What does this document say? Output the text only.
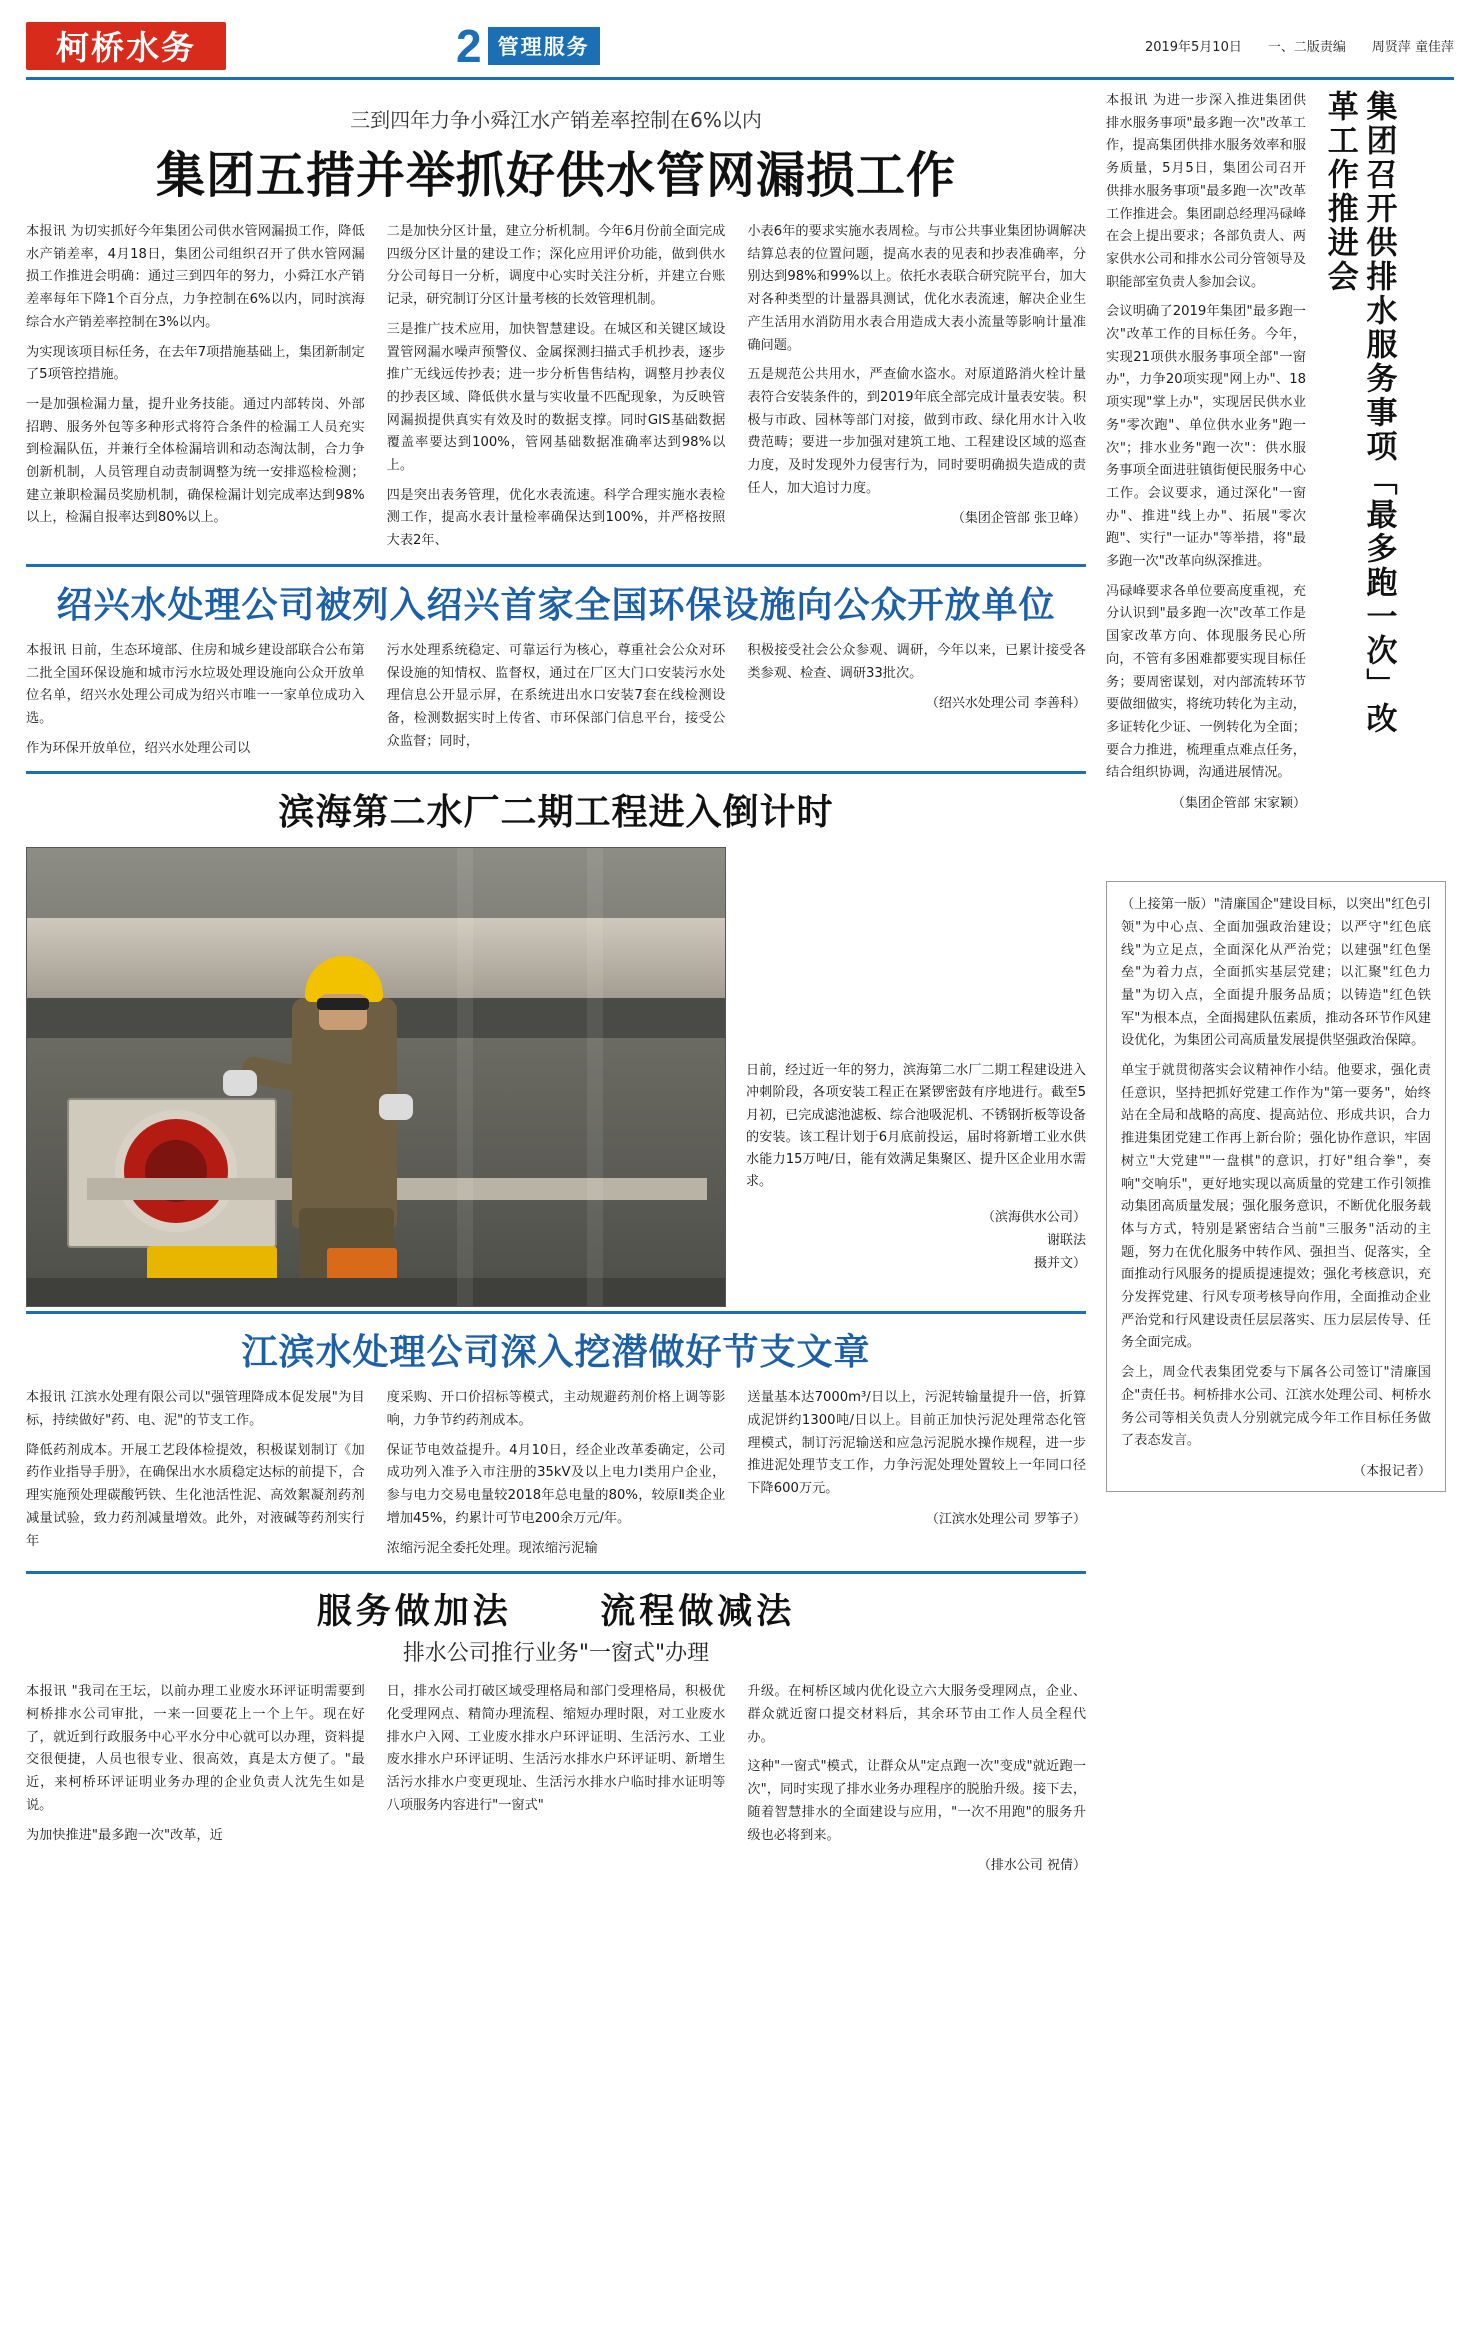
柯桥水务	2 管理服务	2019年5月10日 一、二版责编 周贤萍 童佳萍
三到四年力争小舜江水产销差率控制在6%以内
集团五措并举抓好供水管网漏损工作

本报讯 为切实抓好今年集团公司供水管网漏损工作，降低水产销差率，4月18日，集团公司组织召开了供水管网漏损工作推进会明确：通过三到四年的努力，小舜江水产销差率每年下降1个百分点，力争控制在6%以内，同时滨海综合水产销差率控制在3%以内。

为实现该项目标任务，在去年7项措施基础上，集团新制定了5项管控措施。

一是加强检漏力量，提升业务技能。通过内部转岗、外部招聘、服务外包等多种形式将符合条件的检漏工人员充实到检漏队伍，并兼行全体检漏培训和动态淘汰制，合力争创新机制，人员管理自动责制调整为统一安排巡检检测；建立兼职检漏员奖励机制，确保检漏计划完成率达到98%以上，检漏自报率达到80%以上。

二是加快分区计量，建立分析机制。今年6月份前全面完成四级分区计量的建设工作；深化应用评价功能，做到供水分公司每日一分析，调度中心实时关注分析，并建立台账记录，研究制订分区计量考核的长效管理机制。

三是推广技术应用，加快智慧建设。在城区和关键区域设置管网漏水噪声预警仪、金属探测扫描式手机抄表，逐步推广无线远传抄表；进一步分析售售结构，调整月抄表仪的抄表区域、降低供水量与实收量不匹配现象，为反映管网漏损提供真实有效及时的数据支撑。同时GIS基础数据覆盖率要达到100%，管网基础数据准确率达到98%以上。

四是突出表务管理，优化水表流速。科学合理实施水表检测工作，提高水表计量检率确保达到100%，并严格按照大表2年、

小表6年的要求实施水表周检。与市公共事业集团协调解决结算总表的位置问题，提高水表的见表和抄表准确率，分别达到98%和99%以上。依托水表联合研究院平台，加大对各种类型的计量器具测试，优化水表流速，解决企业生产生活用水消防用水表合用造成大表小流量等影响计量准确问题。

五是规范公共用水，严查偷水盗水。对原道路消火栓计量表符合安装条件的，到2019年底全部完成计量表安装。积极与市政、园林等部门对接，做到市政、绿化用水计入收费范畴；要进一步加强对建筑工地、工程建设区域的巡查力度，及时发现外力侵害行为，同时要明确损失造成的责任人，加大追讨力度。

（集团企管部 张卫峰）
绍兴水处理公司被列入绍兴首家全国环保设施向公众开放单位

本报讯 日前，生态环境部、住房和城乡建设部联合公布第二批全国环保设施和城市污水垃圾处理设施向公众开放单位名单，绍兴水处理公司成为绍兴市唯一一家单位成功入选。

作为环保开放单位，绍兴水处理公司以

污水处理系统稳定、可靠运行为核心，尊重社会公众对环保设施的知情权、监督权，通过在厂区大门口安装污水处理信息公开显示屏，在系统进出水口安装7套在线检测设备，检测数据实时上传省、市环保部门信息平台，接受公众监督；同时，

积极接受社会公众参观、调研，今年以来，已累计接受各类参观、检查、调研33批次。

（绍兴水处理公司 李善科）
滨海第二水厂二期工程进入倒计时

日前，经过近一年的努力，滨海第二水厂二期工程建设进入冲刺阶段，各项安装工程正在紧锣密鼓有序地进行。截至5月初，已完成滤池滤板、综合池吸泥机、不锈钢折板等设备的安装。该工程计划于6月底前投运，届时将新增工业水供水能力15万吨/日，能有效满足集聚区、提升区企业用水需求。

（滨海供水公司）
谢联法
摄并文）
江滨水处理公司深入挖潜做好节支文章

本报讯 江滨水处理有限公司以"强管理降成本促发展"为目标，持续做好"药、电、泥"的节支工作。

降低药剂成本。开展工艺段体检提效，积极谋划制订《加药作业指导手册》，在确保出水水质稳定达标的前提下，合理实施预处理碳酸钙铁、生化池活性泥、高效絮凝剂药剂减量试验，致力药剂减量增效。此外，对液碱等药剂实行年

度采购、开口价招标等模式，主动规避药剂价格上调等影响，力争节约药剂成本。

保证节电效益提升。4月10日，经企业改革委确定，公司成功列入准予入市注册的35kV及以上电力Ⅰ类用户企业，参与电力交易电量较2018年总电量的80%，较原Ⅱ类企业增加45%，约累计可节电200余万元/年。

浓缩污泥全委托处理。现浓缩污泥输

送量基本达7000m³/日以上，污泥转输量提升一倍，折算成泥饼约1300吨/日以上。目前正加快污泥处理常态化管理模式，制订污泥输送和应急污泥脱水操作规程，进一步推进泥处理节支工作，力争污泥处理处置较上一年同口径下降600万元。

（江滨水处理公司 罗筝子）
服务做加法	流程做减法
排水公司推行业务"一窗式"办理

本报讯 "我司在王坛，以前办理工业废水环评证明需要到柯桥排水公司审批，一来一回要花上一个上午。现在好了，就近到行政服务中心平水分中心就可以办理，资料提交很便捷，人员也很专业、很高效，真是太方便了。"最近，来柯桥环评证明业务办理的企业负责人沈先生如是说。

为加快推进"最多跑一次"改革，近

日，排水公司打破区域受理格局和部门受理格局，积极优化受理网点、精简办理流程、缩短办理时限，对工业废水排水户入网、工业废水排水户环评证明、生活污水、工业废水排水户环评证明、生活污水排水户环评证明、新增生活污水排水户变更现址、生活污水排水户临时排水证明等八项服务内容进行"一窗式"

升级。在柯桥区域内优化设立六大服务受理网点，企业、群众就近窗口提交材料后，其余环节由工作人员全程代办。

这种"一窗式"模式，让群众从"定点跑一次"变成"就近跑一次"，同时实现了排水业务办理程序的脱胎升级。接下去，随着智慧排水的全面建设与应用，"一次不用跑"的服务升级也必将到来。

（排水公司 祝倩）

本报讯 为进一步深入推进集团供排水服务事项"最多跑一次"改革工作，提高集团供排水服务效率和服务质量，5月5日，集团公司召开供排水服务事项"最多跑一次"改革工作推进会。集团副总经理冯碌峰在会上提出要求；各部负责人、两家供水公司和排水公司分管领导及职能部室负责人参加会议。

会议明确了2019年集团"最多跑一次"改革工作的目标任务。今年，实现21项供水服务事项全部"一窗办"，力争20项实现"网上办"、18项实现"掌上办"，实现居民供水业务"零次跑"、单位供水业务"跑一次"；排水业务"跑一次"：供水服务事项全面进驻镇街便民服务中心工作。会议要求，通过深化"一窗办"、推进"线上办"、拓展"零次跑"、实行"一证办"等举措，将"最多跑一次"改革向纵深推进。

冯碌峰要求各单位要高度重视，充分认识到"最多跑一次"改革工作是国家改革方向、体现服务民心所向，不管有多困难都要实现目标任务；要周密谋划，对内部流转环节要做细做实，将统功转化为主动，多证转化少证、一例转化为全面；要合力推进，梳理重点难点任务，结合组织协调，沟通进展情况。

（集团企管部 宋家颖）
集团召开供排水服务事项「最多跑一次」改革工作推进会

（上接第一版）"清廉国企"建设目标，以突出"红色引领"为中心点、全面加强政治建设；以严守"红色底线"为立足点，全面深化从严治党；以建强"红色堡垒"为着力点，全面抓实基层党建；以汇聚"红色力量"为切入点，全面提升服务品质；以铸造"红色铁军"为根本点，全面揭建队伍素质，推动各环节作风建设优化，为集团公司高质量发展提供坚强政治保障。

单宝于就贯彻落实会议精神作小结。他要求，强化责任意识，坚持把抓好党建工作作为"第一要务"，始终站在全局和战略的高度、提高站位、形成共识，合力推进集团党建工作再上新台阶；强化协作意识，牢固树立"大党建""一盘棋"的意识，打好"组合拳"，奏响"交响乐"，更好地实现以高质量的党建工作引领推动集团高质量发展；强化服务意识，不断优化服务载体与方式，特别是紧密结合当前"三服务"活动的主题，努力在优化服务中转作风、强担当、促落实，全面推动行风服务的提质提速提效；强化考核意识，充分发挥党建、行风专项考核导向作用，全面推动企业严治党和行风建设责任层层落实、压力层层传导、任务全面完成。

会上，周佥代表集团党委与下属各公司签订"清廉国企"责任书。柯桥排水公司、江滨水处理公司、柯桥水务公司等相关负责人分别就完成今年工作目标任务做了表态发言。

（本报记者）
